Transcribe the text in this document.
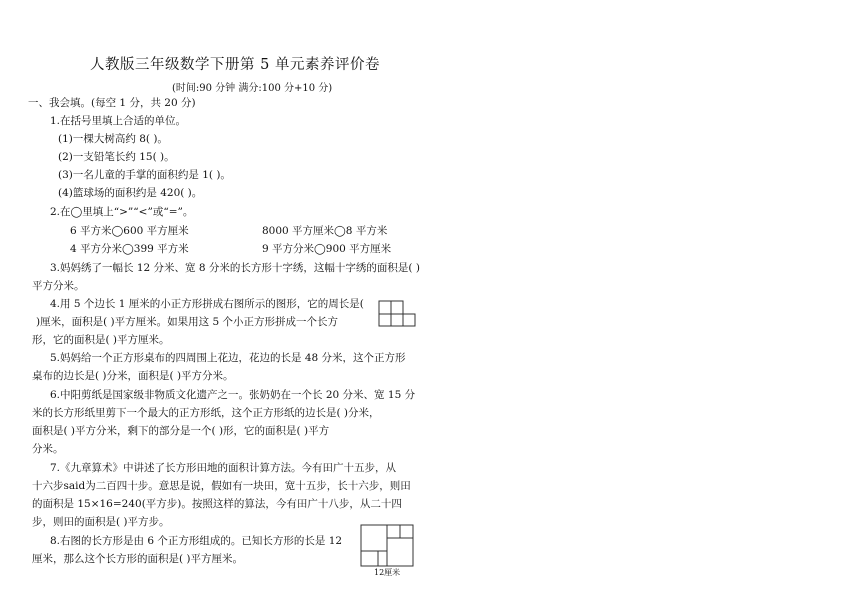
人教版三年级数学下册第 5 单元素养评价卷
(时间:90 分钟 满分:100 分+10 分)
一、我会填。(每空 1 分，共 20 分)
1.在括号里填上合适的单位。
(1)一棵大树高约 8( )。
(2)一支铅笔长约 15( )。
(3)一名儿童的手掌的面积约是 1( )。
(4)篮球场的面积约是 420( )。
2.在◯里填上“>”“<”或“=”。
6 平方米◯600 平方厘米	8000 平方厘米◯8 平方米
4 平方分米◯399 平方米	9 平方分米◯900 平方厘米
3.妈妈绣了一幅长 12 分米、宽 8 分米的长方形十字绣，这幅十字绣的面积是( )
平方分米。
4.用 5 个边长 1 厘米的小正方形拼成右图所示的图形，它的周长是(
)厘米，面积是( )平方厘米。如果用这 5 个小正方形拼成一个长方
形，它的面积是( )平方厘米。
5.妈妈给一个正方形桌布的四周围上花边，花边的长是 48 分米，这个正方形
桌布的边长是( )分米，面积是( )平方分米。
6.中阳剪纸是国家级非物质文化遗产之一。张奶奶在一个长 20 分米、宽 15 分
米的长方形纸里剪下一个最大的正方形纸，这个正方形纸的边长是( )分米，
面积是( )平方分米，剩下的部分是一个( )形，它的面积是( )平方
分米。
7.《九章算术》中讲述了长方形田地的面积计算方法。今有田广十五步，从
十六步said为二百四十步。意思是说，假如有一块田，宽十五步，长十六步，则田
的面积是 15×16=240(平方步)。按照这样的算法，今有田广十八步，从二十四
步，则田的面积是( )平方步。
8.右图的长方形是由 6 个正方形组成的。已知长方形的长是 12
厘米，那么这个长方形的面积是( )平方厘米。
12厘米
